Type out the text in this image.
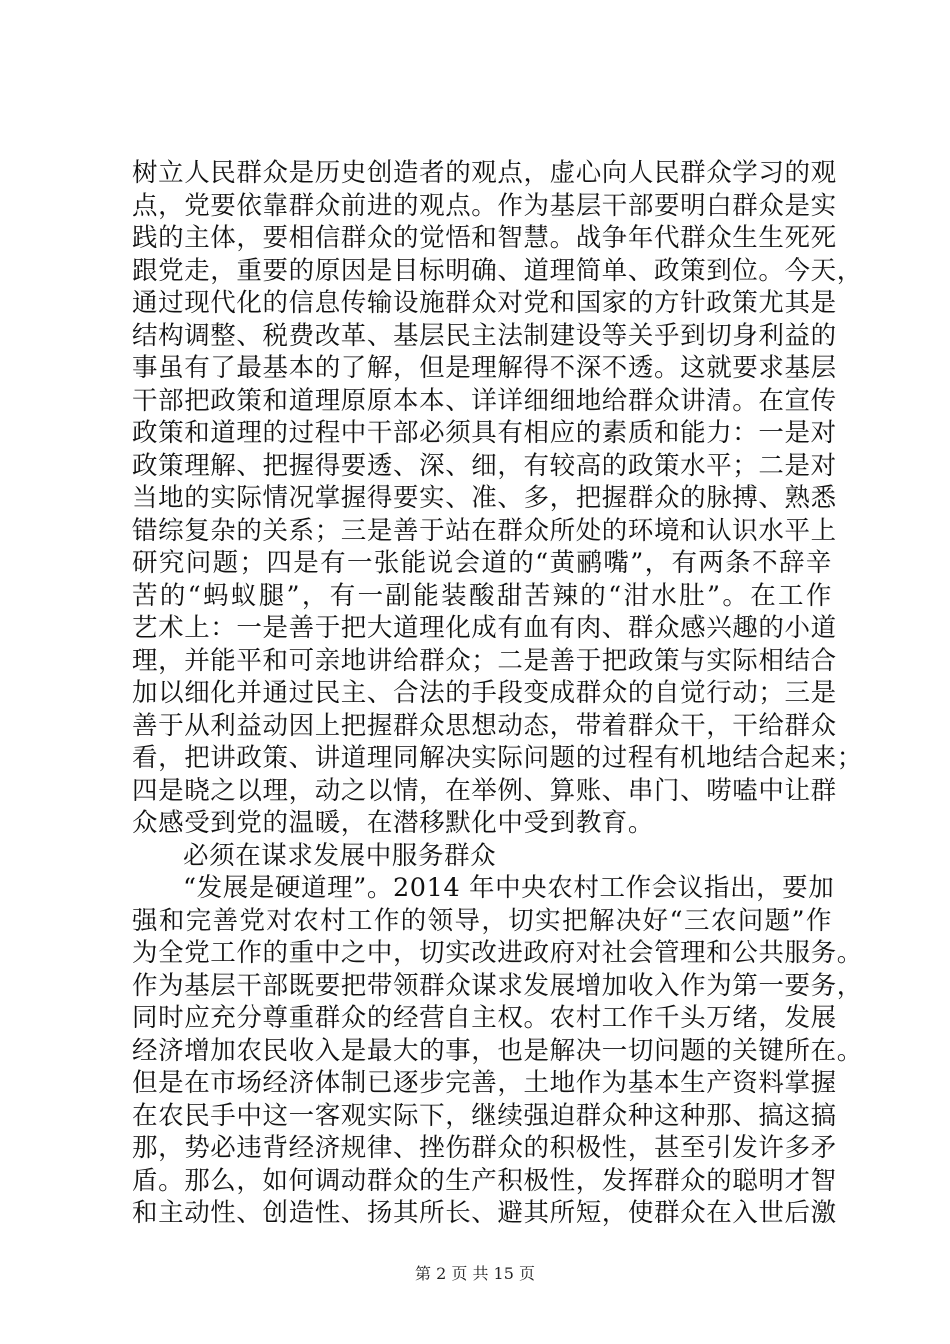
树立人民群众是历史创造者的观点，虚心向人民群众学习的观
点，党要依靠群众前进的观点。作为基层干部要明白群众是实
践的主体，要相信群众的觉悟和智慧。战争年代群众生生死死
跟党走，重要的原因是目标明确、道理简单、政策到位。今天，
通过现代化的信息传输设施群众对党和国家的方针政策尤其是
结构调整、税费改革、基层民主法制建设等关乎到切身利益的
事虽有了最基本的了解，但是理解得不深不透。这就要求基层
干部把政策和道理原原本本、详详细细地给群众讲清。在宣传
政策和道理的过程中干部必须具有相应的素质和能力：一是对
政策理解、把握得要透、深、细，有较高的政策水平；二是对
当地的实际情况掌握得要实、准、多，把握群众的脉搏、熟悉
错综复杂的关系；三是善于站在群众所处的环境和认识水平上
研究问题；四是有一张能说会道的“黄鹂嘴”，有两条不辞辛
苦的“蚂蚁腿”，有一副能装酸甜苦辣的“泔水肚”。在工作
艺术上：一是善于把大道理化成有血有肉、群众感兴趣的小道
理，并能平和可亲地讲给群众；二是善于把政策与实际相结合
加以细化并通过民主、合法的手段变成群众的自觉行动；三是
善于从利益动因上把握群众思想动态，带着群众干，干给群众
看，把讲政策、讲道理同解决实际问题的过程有机地结合起来；
四是晓之以理，动之以情，在举例、算账、串门、唠嗑中让群
众感受到党的温暖，在潜移默化中受到教育。
必须在谋求发展中服务群众
“发展是硬道理”。2014 年中央农村工作会议指出，要加
强和完善党对农村工作的领导，切实把解决好“三农问题”作
为全党工作的重中之中，切实改进政府对社会管理和公共服务。
作为基层干部既要把带领群众谋求发展增加收入作为第一要务，
同时应充分尊重群众的经营自主权。农村工作千头万绪，发展
经济增加农民收入是最大的事，也是解决一切问题的关键所在。
但是在市场经济体制已逐步完善，土地作为基本生产资料掌握
在农民手中这一客观实际下，继续强迫群众种这种那、搞这搞
那，势必违背经济规律、挫伤群众的积极性，甚至引发许多矛
盾。那么，如何调动群众的生产积极性，发挥群众的聪明才智
和主动性、创造性、扬其所长、避其所短，使群众在入世后激
第 2 页 共 15 页
